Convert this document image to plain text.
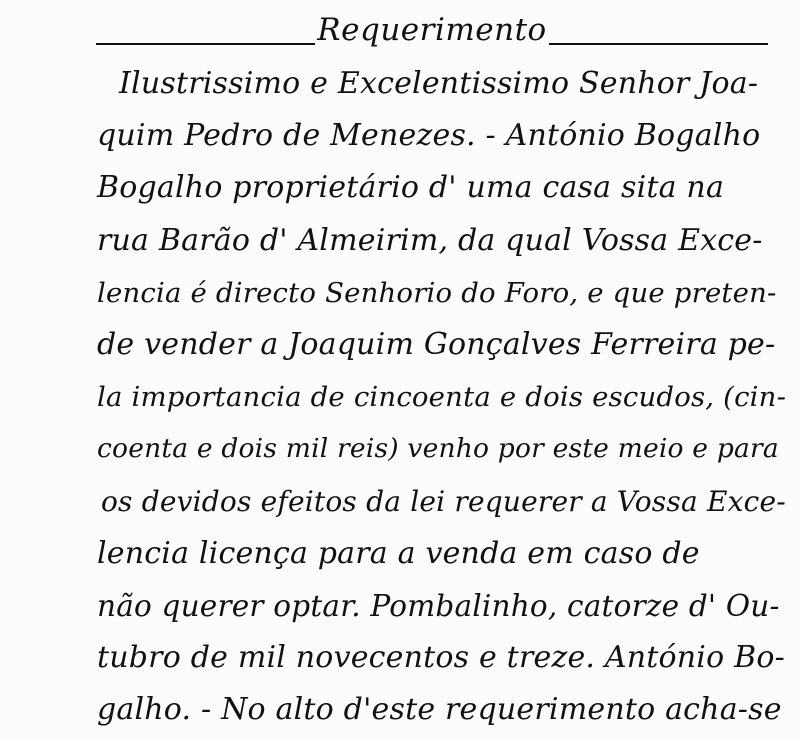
Requerimento
Ilustrissimo e Excelentissimo Senhor Joa-
quim Pedro de Menezes. - António Bogalho
Bogalho proprietário d' uma casa sita na
rua Barão d' Almeirim, da qual Vossa Exce-
lencia é directo Senhorio do Foro, e que preten-
de vender a Joaquim Gonçalves Ferreira pe-
la importancia de cincoenta e dois escudos, (cin-
coenta e dois mil reis) venho por este meio e para
os devidos efeitos da lei requerer a Vossa Exce-
lencia licença para a venda em caso de
não querer optar. Pombalinho, catorze d' Ou-
tubro de mil novecentos e treze. António Bo-
galho. - No alto d'este requerimento acha-se
